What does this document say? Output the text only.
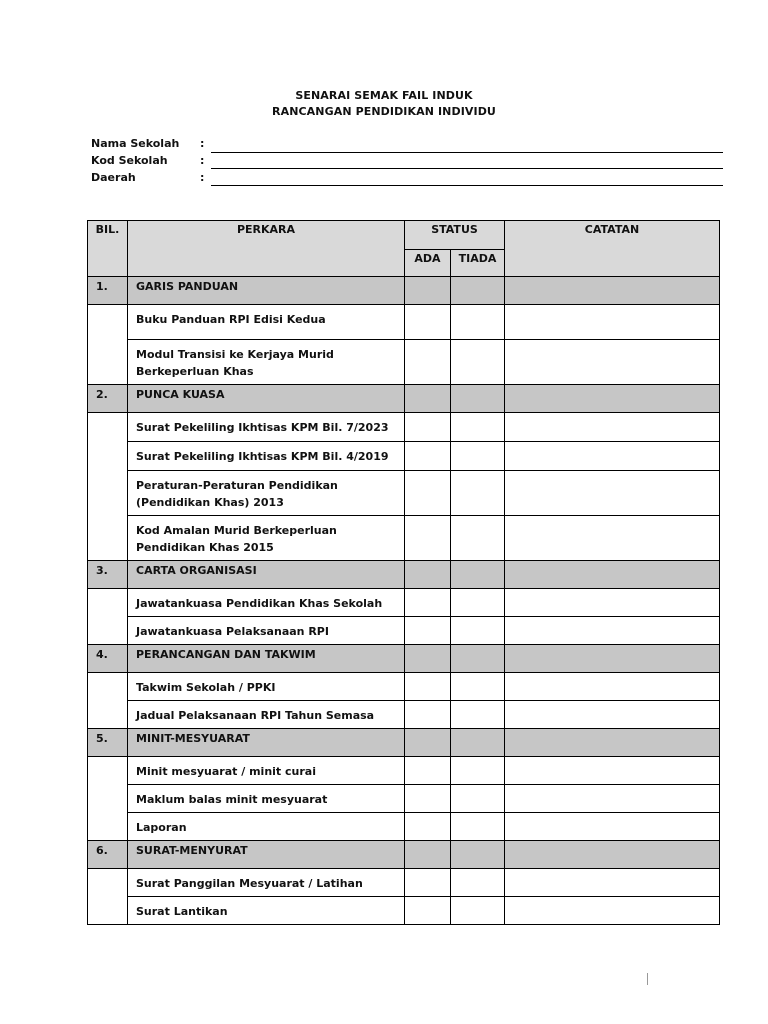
SENARAI SEMAK FAIL INDUK
RANCANGAN PENDIDIKAN INDIVIDU
Nama Sekolah :
Kod Sekolah	:
Daerah	:
BIL.	PERKARA	STATUS		CATATAN

		ADA	TIADA	

1.	GARIS PANDUAN			

	Buku Panduan RPI Edisi Kedua			

	Modul Transisi ke Kerjaya Murid Berkeperluan Khas			

2.	PUNCA KUASA			

	Surat Pekeliling Ikhtisas KPM Bil. 7/2023			

	Surat Pekeliling Ikhtisas KPM Bil. 4/2019			

	Peraturan-Peraturan Pendidikan (Pendidikan Khas) 2013			

	Kod Amalan Murid Berkeperluan Pendidikan Khas 2015			

3.	CARTA ORGANISASI			

	Jawatankuasa Pendidikan Khas Sekolah			

	Jawatankuasa Pelaksanaan RPI			

4.	PERANCANGAN DAN TAKWIM			

	Takwim Sekolah / PPKI			

	Jadual Pelaksanaan RPI Tahun Semasa			

5.	MINIT-MESYUARAT			

	Minit mesyuarat / minit curai			

	Maklum balas minit mesyuarat			

	Laporan			

6.	SURAT-MENYURAT			

	Surat Panggilan Mesyuarat / Latihan			

	Surat Lantikan			
